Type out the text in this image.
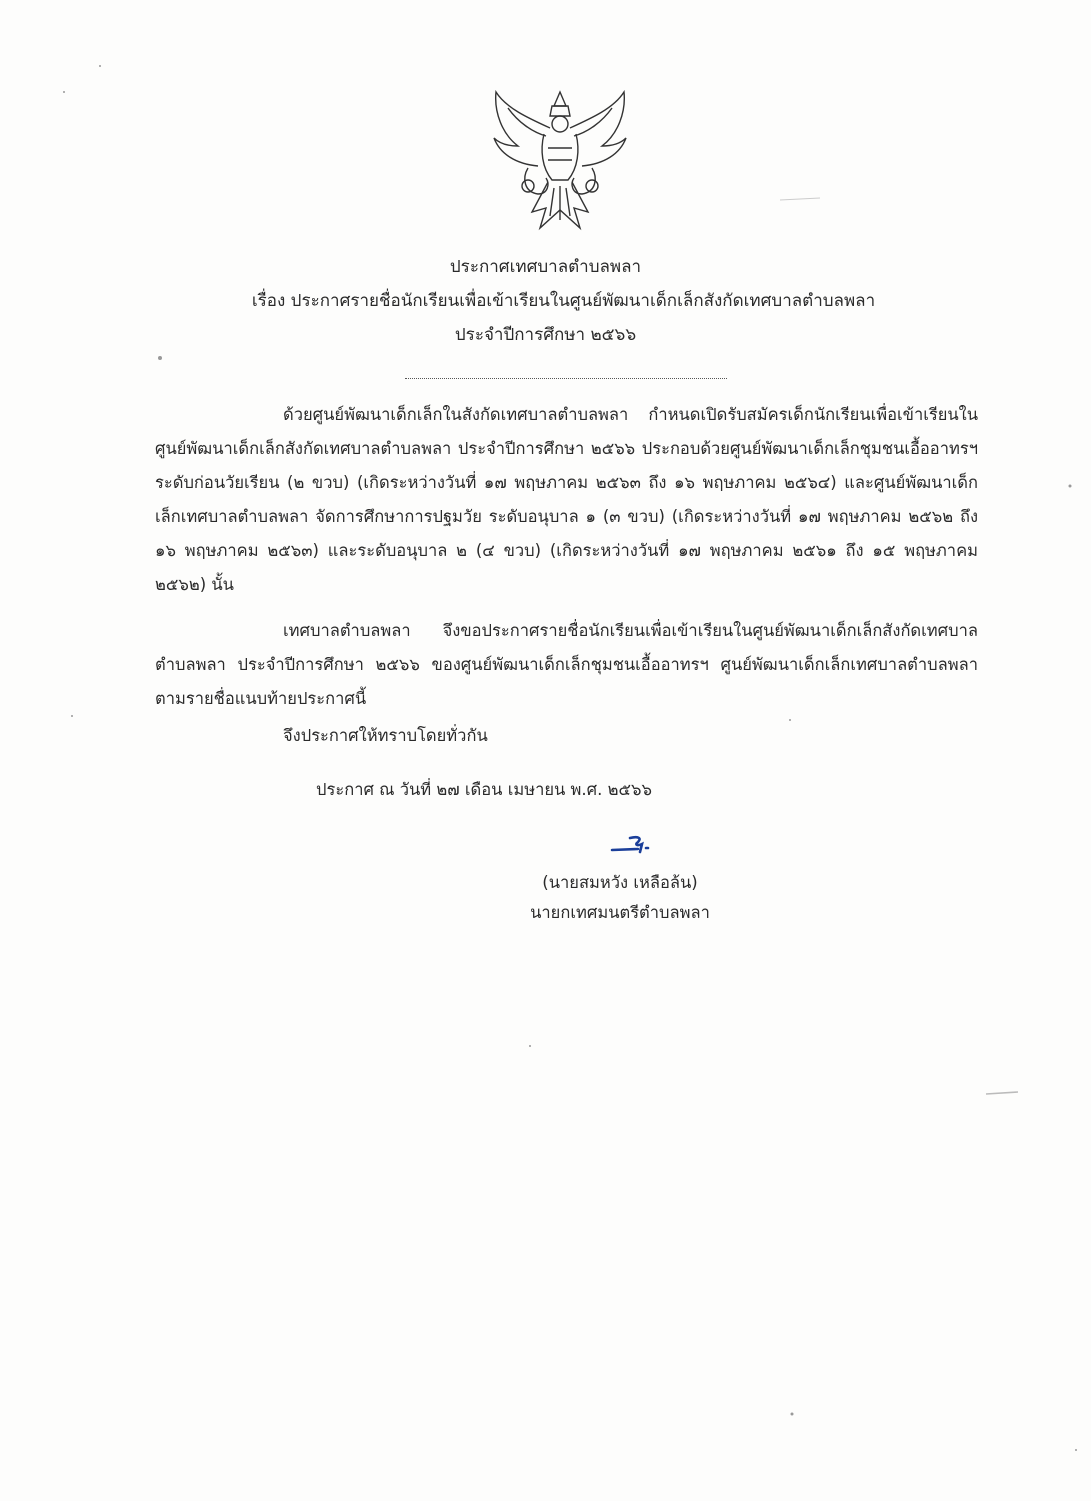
ประกาศเทศบาลตำบลพลา
เรื่อง ประกาศรายชื่อนักเรียนเพื่อเข้าเรียนในศูนย์พัฒนาเด็กเล็กสังกัดเทศบาลตำบลพลา
ประจำปีการศึกษา ๒๕๖๖

ด้วยศูนย์พัฒนาเด็กเล็กในสังกัดเทศบาลตำบลพลา กำหนดเปิดรับสมัครเด็กนักเรียนเพื่อเข้าเรียนในศูนย์พัฒนาเด็กเล็กสังกัดเทศบาลตำบลพลา ประจำปีการศึกษา ๒๕๖๖ ประกอบด้วยศูนย์พัฒนาเด็กเล็กชุมชนเอื้ออาทรฯ ระดับก่อนวัยเรียน (๒ ขวบ) (เกิดระหว่างวันที่ ๑๗ พฤษภาคม ๒๕๖๓ ถึง ๑๖ พฤษภาคม ๒๕๖๔) และศูนย์พัฒนาเด็กเล็กเทศบาลตำบลพลา จัดการศึกษาการปฐมวัย ระดับอนุบาล ๑ (๓ ขวบ) (เกิดระหว่างวันที่ ๑๗ พฤษภาคม ๒๕๖๒ ถึง ๑๖ พฤษภาคม ๒๕๖๓) และระดับอนุบาล ๒ (๔ ขวบ) (เกิดระหว่างวันที่ ๑๗ พฤษภาคม ๒๕๖๑ ถึง ๑๕ พฤษภาคม ๒๕๖๒) นั้น

เทศบาลตำบลพลา จึงขอประกาศรายชื่อนักเรียนเพื่อเข้าเรียนในศูนย์พัฒนาเด็กเล็กสังกัดเทศบาลตำบลพลา ประจำปีการศึกษา ๒๕๖๖ ของศูนย์พัฒนาเด็กเล็กชุมชนเอื้ออาทรฯ ศูนย์พัฒนาเด็กเล็กเทศบาลตำบลพลา ตามรายชื่อแนบท้ายประกาศนี้

จึงประกาศให้ทราบโดยทั่วกัน
ประกาศ ณ วันที่ ๒๗ เดือน เมษายน พ.ศ. ๒๕๖๖
(นายสมหวัง เหลือล้น)
นายกเทศมนตรีตำบลพลา
